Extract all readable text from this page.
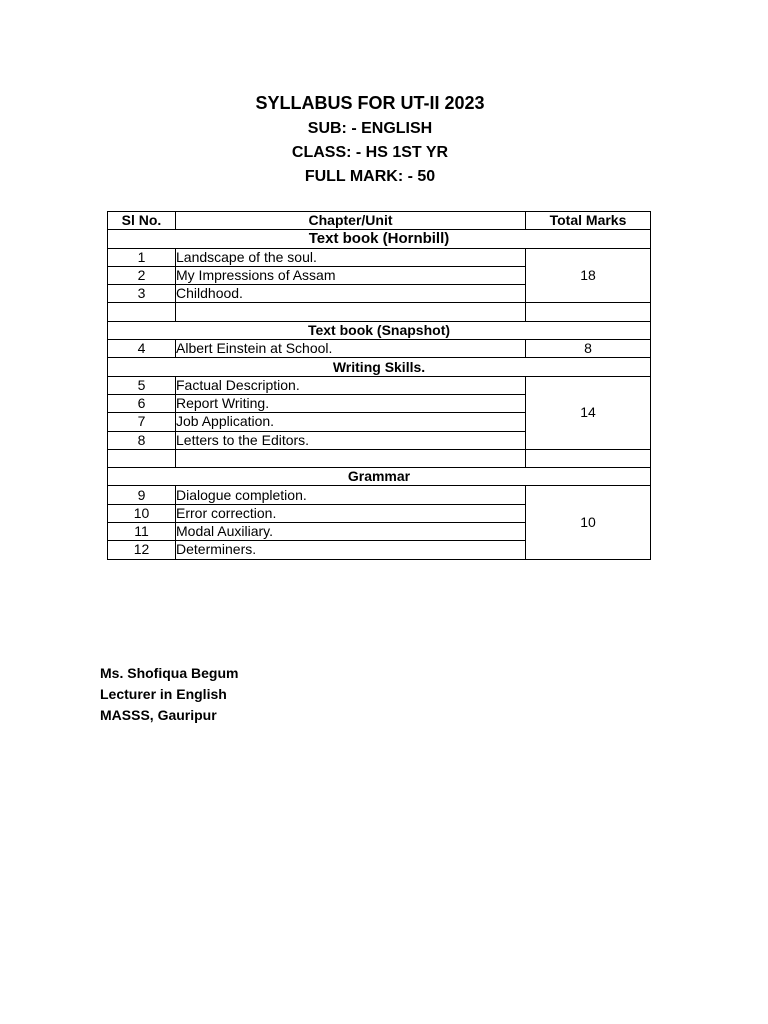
SYLLABUS FOR UT-II 2023
SUB: - ENGLISH
CLASS: - HS 1ST YR
FULL MARK: - 50
Sl No.	Chapter/Unit	Total Marks
Text book (Hornbill)		
1	Landscape of the soul.	18
2	My Impressions of Assam	
3	Childhood.	

Text book (Snapshot)		
4	Albert Einstein at School.	8
Writing Skills.		
5	Factual Description.	14
6	Report Writing.	
7	Job Application.	
8	Letters to the Editors.	

Grammar		
9	Dialogue completion.	10
10	Error correction.	
11	Modal Auxiliary.	
12	Determiners.	
Ms. Shofiqua Begum
Lecturer in English
MASSS, Gauripur
